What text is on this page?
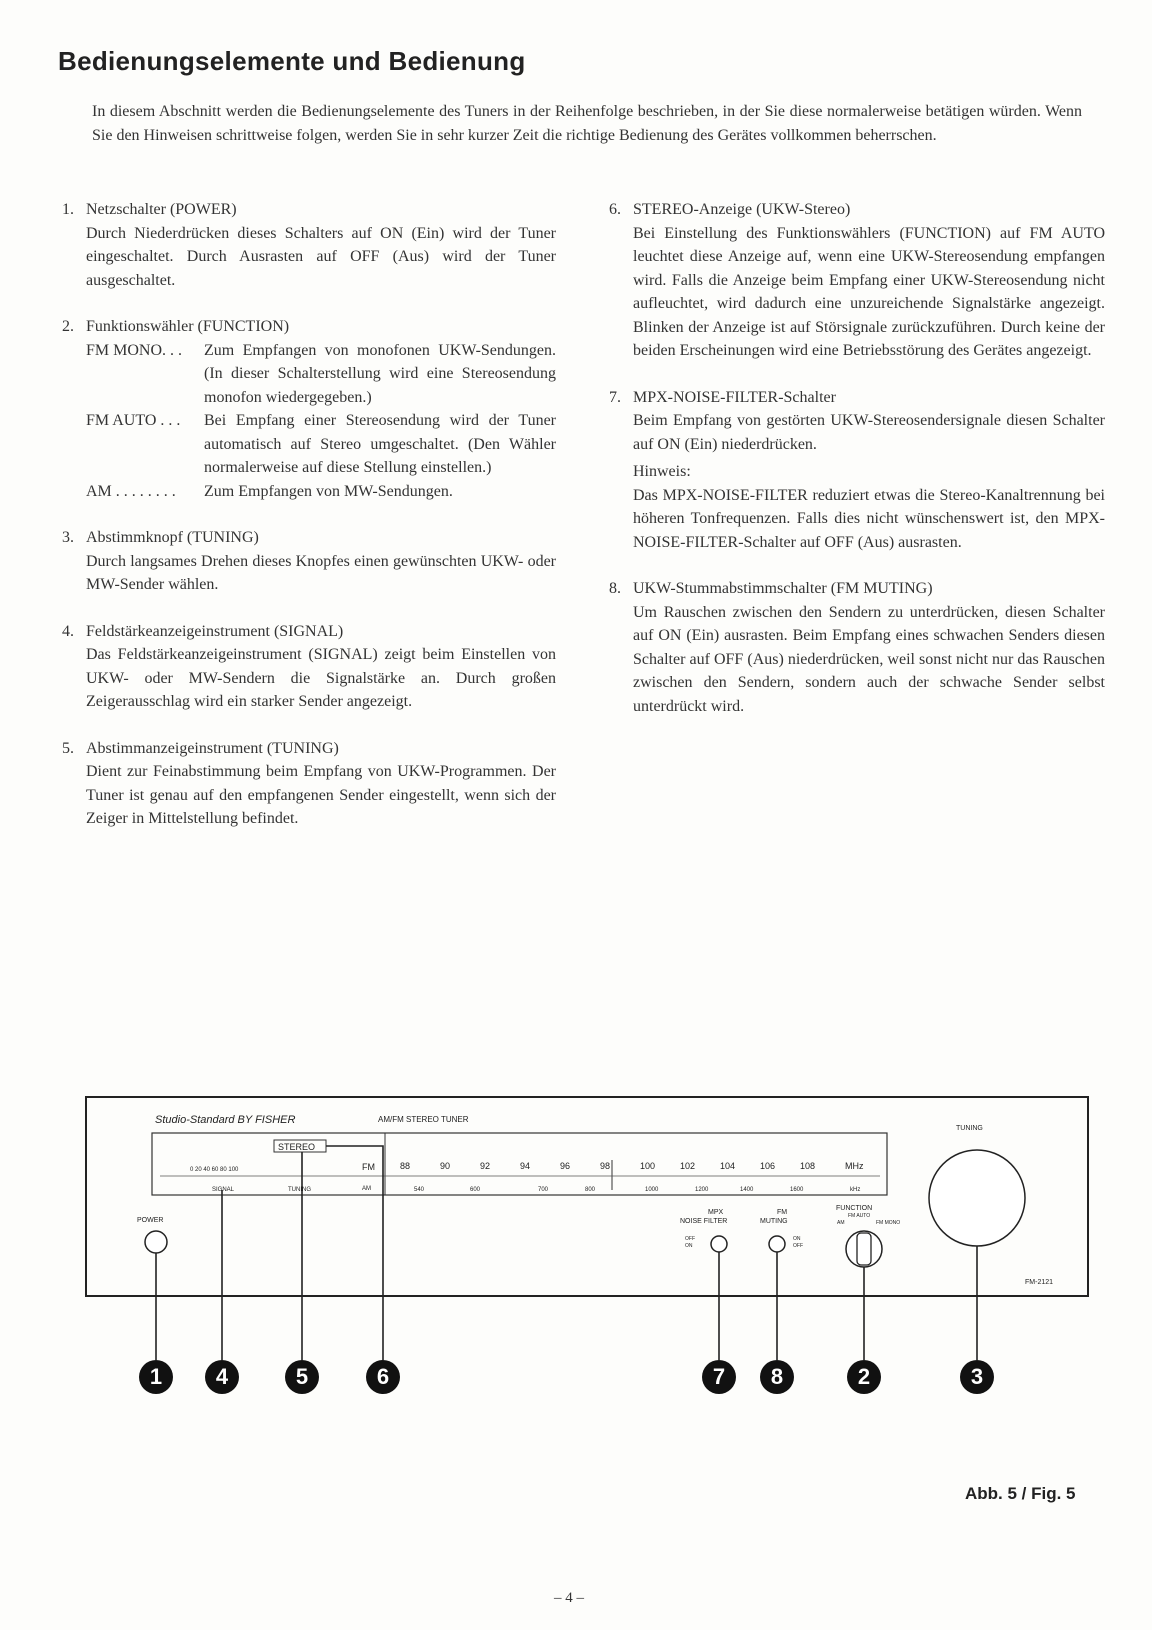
Bedienungselemente und Bedienung
In diesem Abschnitt werden die Bedienungselemente des Tuners in der Reihenfolge beschrieben, in der Sie diese normalerweise betätigen würden. Wenn Sie den Hinweisen schrittweise folgen, werden Sie in sehr kurzer Zeit die richtige Bedienung des Gerätes vollkommen beherrschen.
1. Netzschalter (POWER)
Durch Niederdrücken dieses Schalters auf ON (Ein) wird der Tuner eingeschaltet. Durch Ausrasten auf OFF (Aus) wird der Tuner ausgeschaltet.
2. Funktionswähler (FUNCTION)
FM MONO. . .	Zum Empfangen von monofonen UKW-Sendungen. (In dieser Schalterstellung wird eine Stereosendung monofon wiedergegeben.)
FM AUTO . . .	Bei Empfang einer Stereosendung wird der Tuner automatisch auf Stereo umgeschaltet. (Den Wähler normalerweise auf diese Stellung einstellen.)
AM . . . . . . . .	Zum Empfangen von MW-Sendungen.
3. Abstimmknopf (TUNING)
Durch langsames Drehen dieses Knopfes einen gewünschten UKW- oder MW-Sender wählen.
4. Feldstärkeanzeigeinstrument (SIGNAL)
Das Feldstärkeanzeigeinstrument (SIGNAL) zeigt beim Einstellen von UKW- oder MW-Sendern die Signalstärke an. Durch großen Zeigerausschlag wird ein starker Sender angezeigt.
5. Abstimmanzeigeinstrument (TUNING)
Dient zur Feinabstimmung beim Empfang von UKW-Programmen. Der Tuner ist genau auf den empfangenen Sender eingestellt, wenn sich der Zeiger in Mittelstellung befindet.
6. STEREO-Anzeige (UKW-Stereo)
Bei Einstellung des Funktionswählers (FUNCTION) auf FM AUTO leuchtet diese Anzeige auf, wenn eine UKW-Stereosendung empfangen wird. Falls die Anzeige beim Empfang einer UKW-Stereosendung nicht aufleuchtet, wird dadurch eine unzureichende Signalstärke angezeigt. Blinken der Anzeige ist auf Störsignale zurückzuführen. Durch keine der beiden Erscheinungen wird eine Betriebsstörung des Gerätes angezeigt.
7. MPX-NOISE-FILTER-Schalter
Beim Empfang von gestörten UKW-Stereosendersignale diesen Schalter auf ON (Ein) niederdrücken.
Hinweis:
Das MPX-NOISE-FILTER reduziert etwas die Stereo-Kanaltrennung bei höheren Tonfrequenzen. Falls dies nicht wünschenswert ist, den MPX-NOISE-FILTER-Schalter auf OFF (Aus) ausrasten.
8. UKW-Stummabstimmschalter (FM MUTING)
Um Rauschen zwischen den Sendern zu unterdrücken, diesen Schalter auf ON (Ein) ausrasten. Beim Empfang eines schwachen Senders diesen Schalter auf OFF (Aus) niederdrücken, weil sonst nicht nur das Rauschen zwischen den Sendern, sondern auch der schwache Sender selbst unterdrückt wird.
Studio-Standard BY FISHER	AM/FM STEREO TUNER
STEREO
0 20 40 60 80 100
SIGNAL	TUNING
FM
AM
88	90	92	94	96	98	100	102	104	106	108
540	600	700	800	1000	1200	1400	1600
MHz
kHz
POWER
TUNING
FM-2121
MPX
NOISE FILTER
OFF
ON
FM
MUTING
ON
OFF
FUNCTION
FM AUTO
AM	FM MONO
1	4	5	6	7	8	2	3
Abb. 5 / Fig. 5
– 4 –
